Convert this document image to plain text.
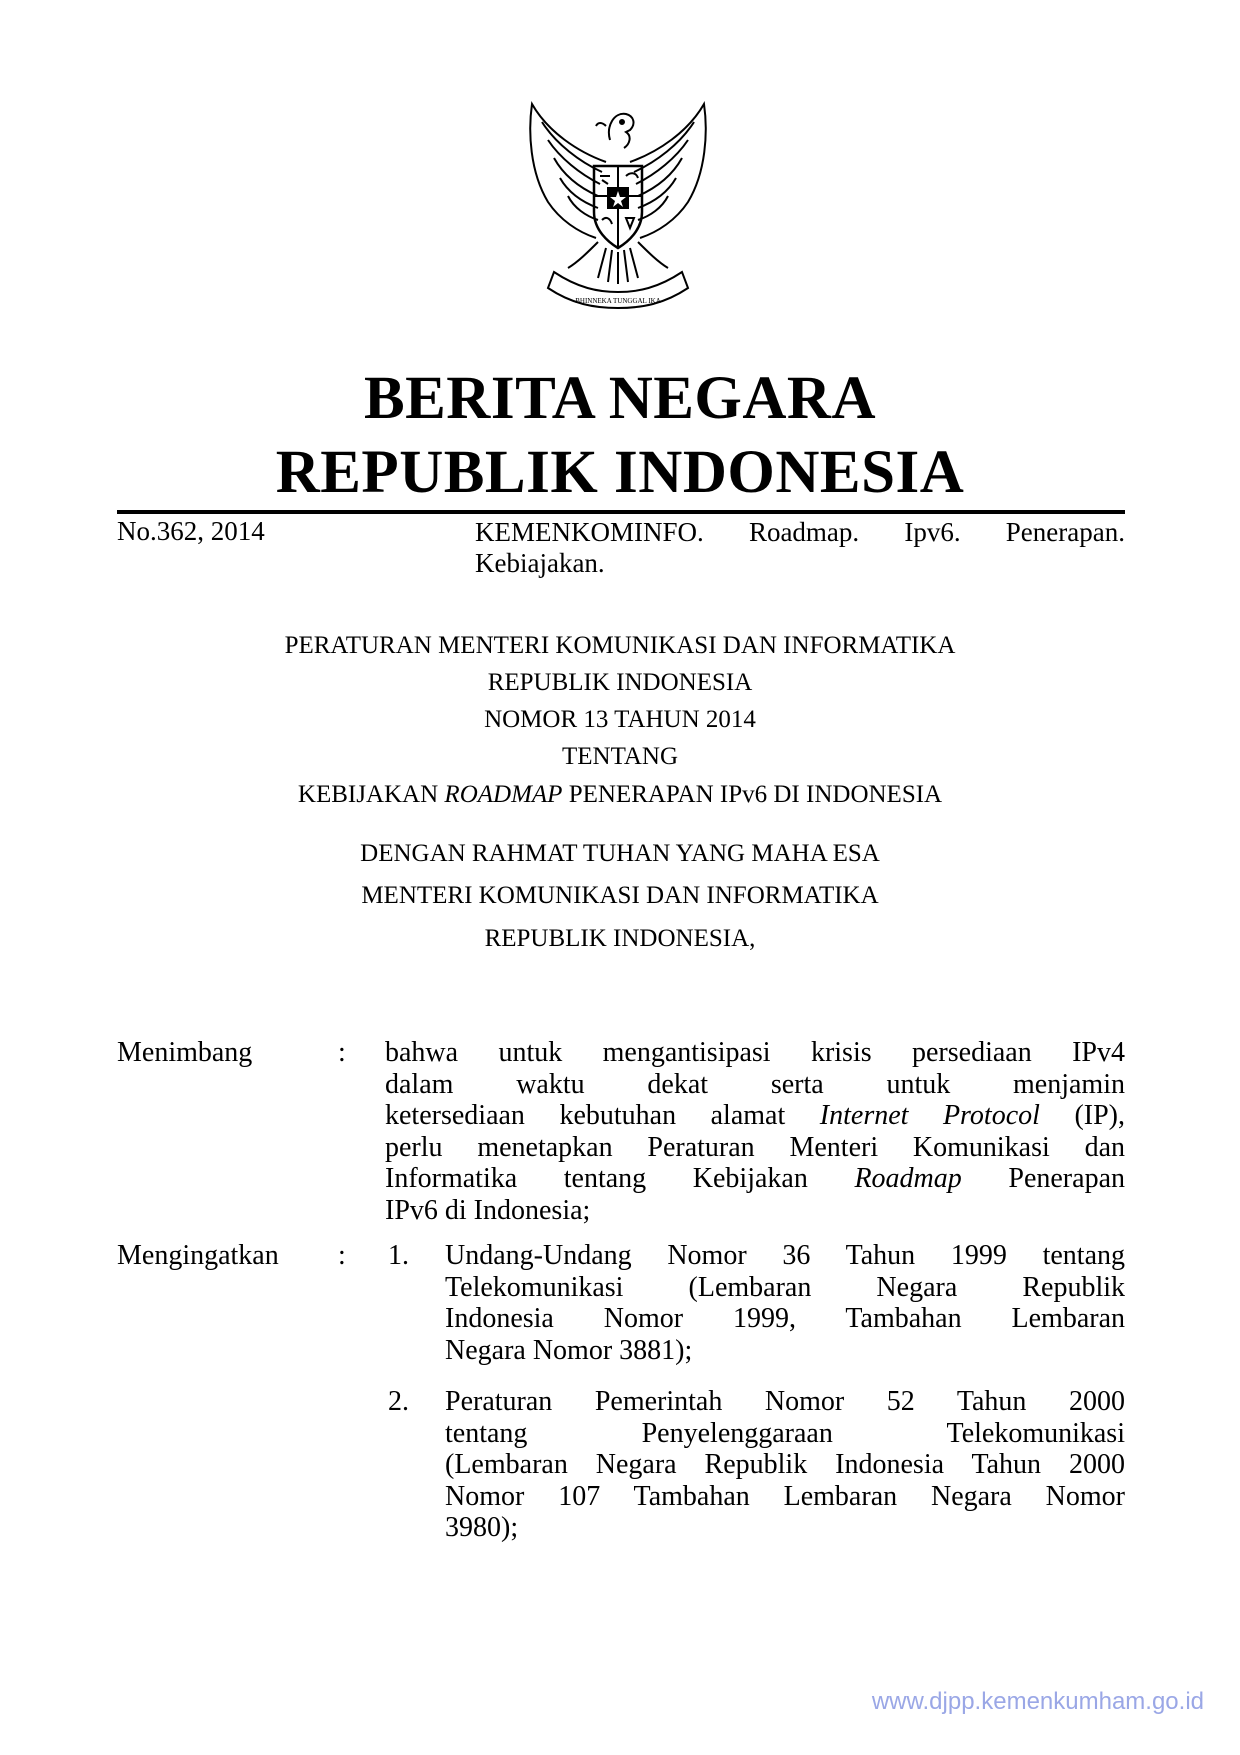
BHINNEKA TUNGGAL IKA
BERITA NEGARA
REPUBLIK INDONESIA
No.362, 2014	KEMENKOMINFO. Roadmap. Ipv6. Penerapan.
Kebiajakan.
PERATURAN MENTERI KOMUNIKASI DAN INFORMATIKA
REPUBLIK INDONESIA
NOMOR 13 TAHUN 2014
TENTANG
KEBIJAKAN ROADMAP PENERAPAN IPv6 DI INDONESIA
DENGAN RAHMAT TUHAN YANG MAHA ESA
MENTERI KOMUNIKASI DAN INFORMATIKA
REPUBLIK INDONESIA,
Menimbang	: bahwa untuk mengantisipasi krisis persediaan IPv4
dalam waktu dekat serta untuk menjamin
ketersediaan kebutuhan alamat Internet Protocol (IP),
perlu menetapkan Peraturan Menteri Komunikasi dan
Informatika tentang Kebijakan Roadmap Penerapan
IPv6 di Indonesia;
Mengingatkan : 1. Undang-Undang Nomor 36 Tahun 1999 tentang
Telekomunikasi (Lembaran Negara Republik
Indonesia Nomor 1999, Tambahan Lembaran
Negara Nomor 3881);
2. Peraturan Pemerintah Nomor 52 Tahun 2000
tentang Penyelenggaraan Telekomunikasi
(Lembaran Negara Republik Indonesia Tahun 2000
Nomor 107 Tambahan Lembaran Negara Nomor
3980);
www.djpp.kemenkumham.go.id
